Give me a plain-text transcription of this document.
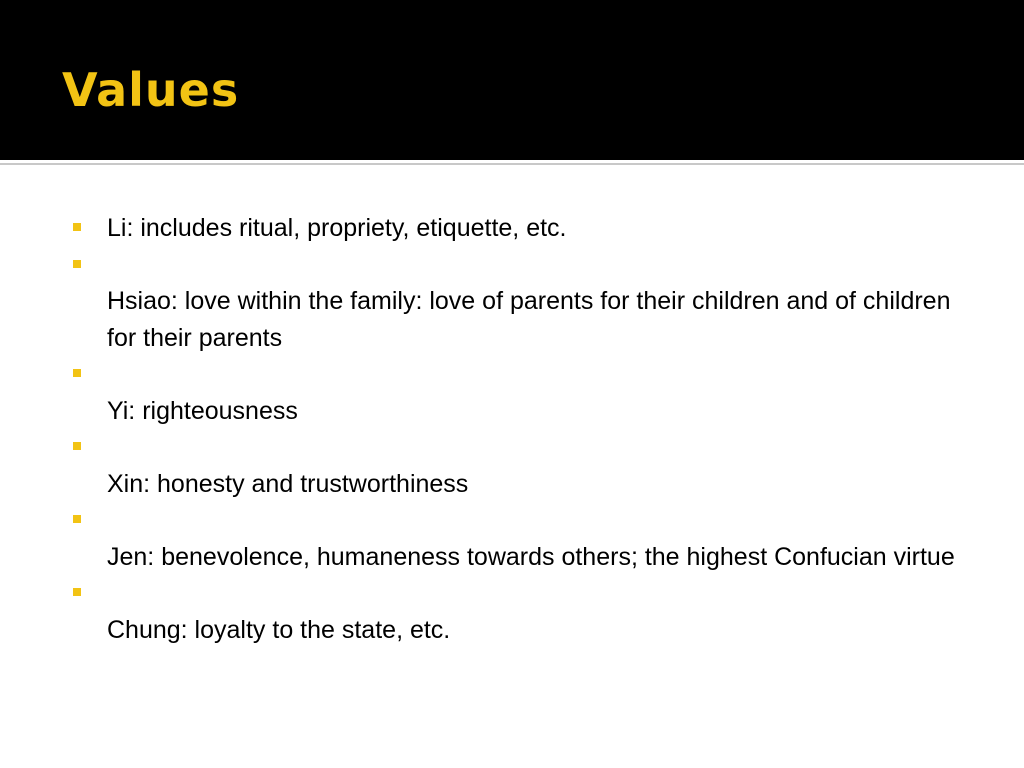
Values
Li: includes ritual, propriety, etiquette, etc.
Hsiao: love within the family: love of parents for their children and of children for their parents
Yi: righteousness
Xin: honesty and trustworthiness
Jen: benevolence, humaneness towards others; the highest Confucian virtue
Chung: loyalty to the state, etc.
